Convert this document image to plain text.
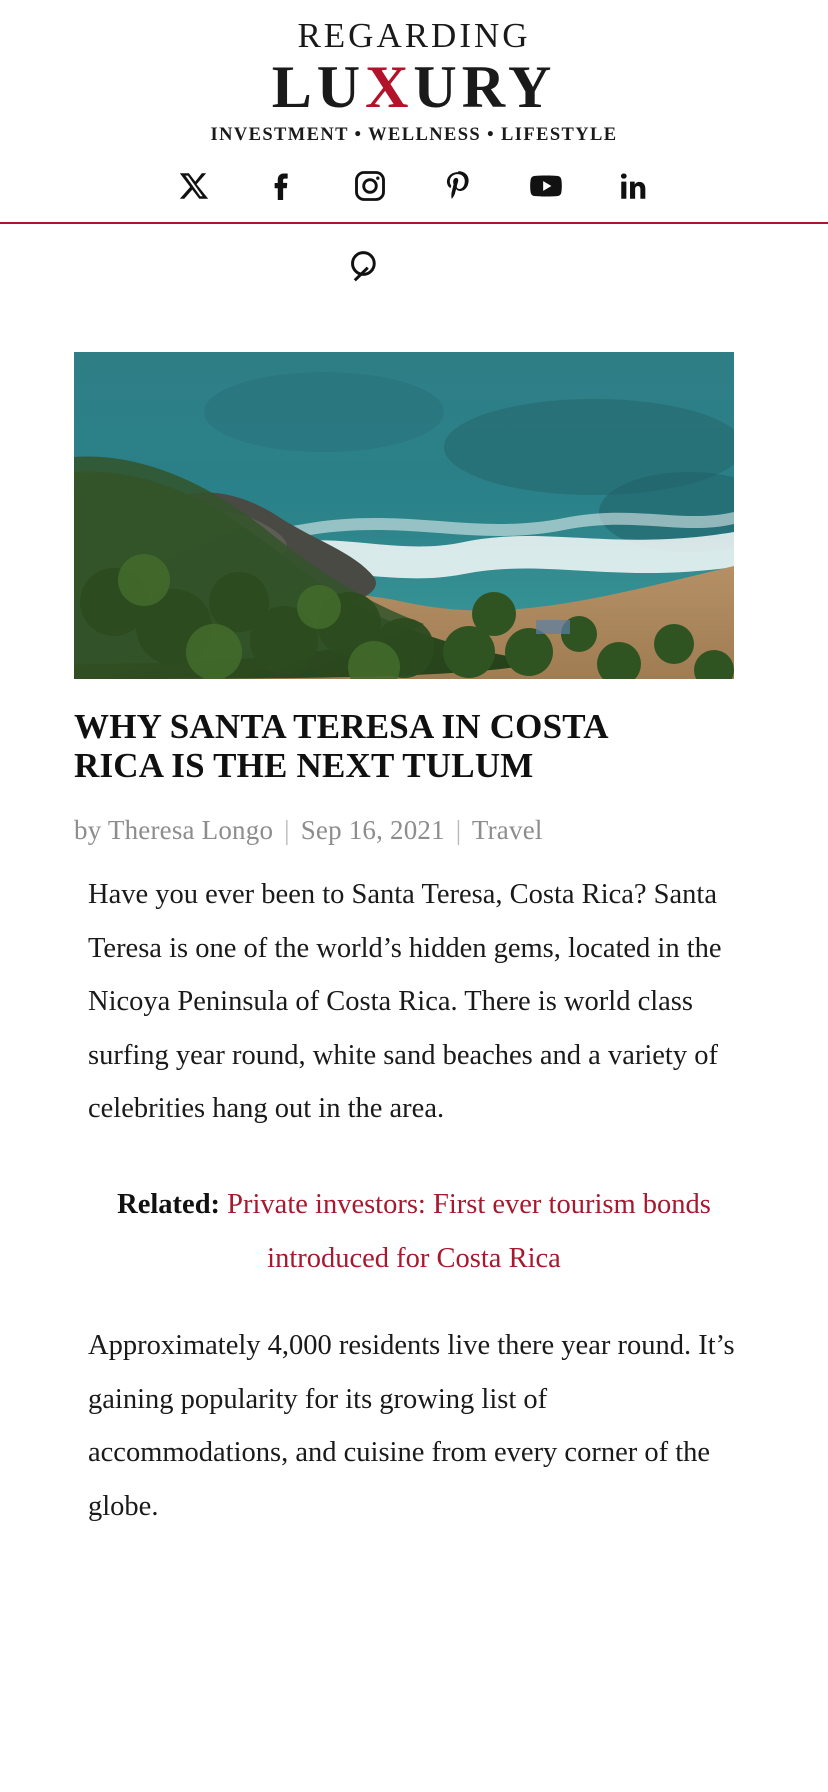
REGARDING
LUXURY
INVESTMENT • WELLNESS • LIFESTYLE
WHY SANTA TERESA IN COSTA RICA IS THE NEXT TULUM
by Theresa Longo | Sep 16, 2021 | Travel

Have you ever been to Santa Teresa, Costa Rica? Santa Teresa is one of the world’s hidden gems, located in the Nicoya Peninsula of Costa Rica. There is world class surfing year round, white sand beaches and a variety of celebrities hang out in the area.

Related: Private investors: First ever tourism bonds introduced for Costa Rica

Approximately 4,000 residents live there year round. It’s gaining popularity for its growing list of accommodations, and cuisine from every corner of the globe.
